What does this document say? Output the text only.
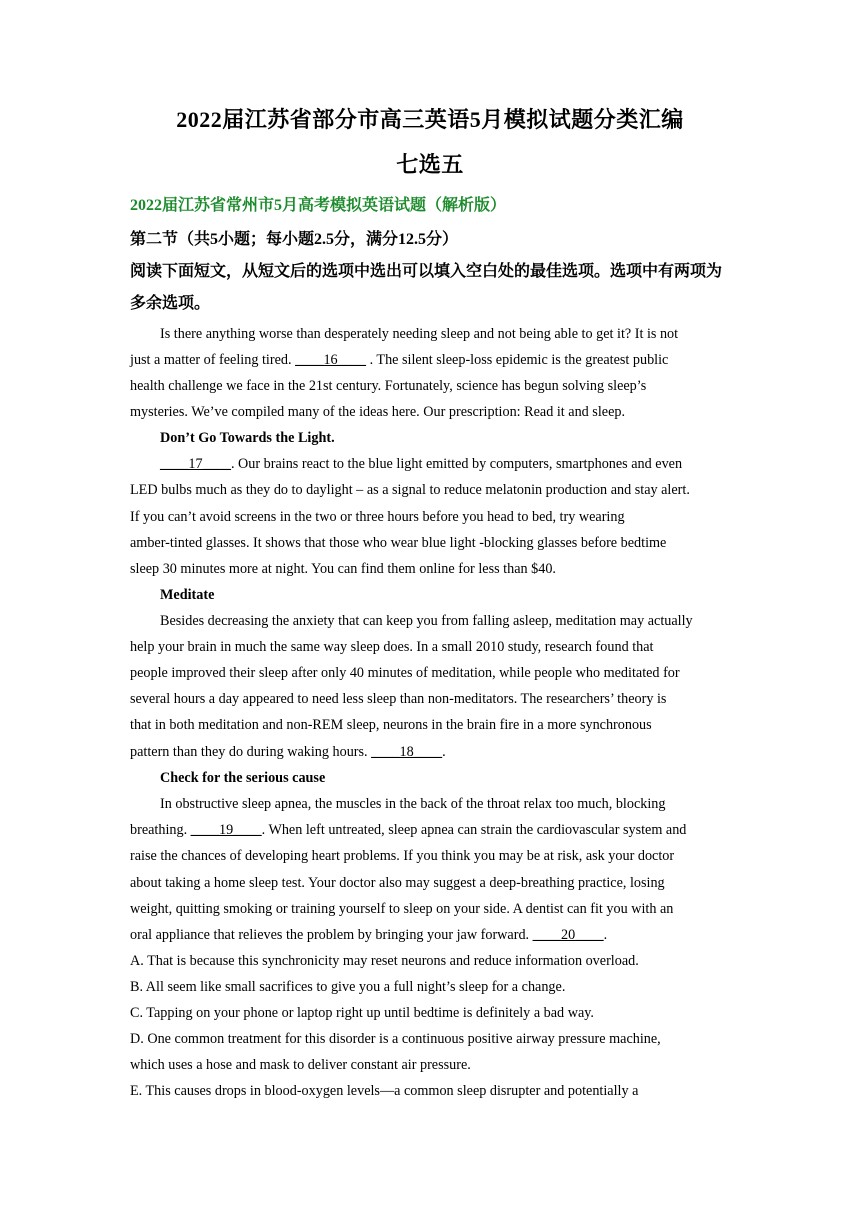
2022届江苏省部分市高三英语5月模拟试题分类汇编
七选五
2022届江苏省常州市5月高考模拟英语试题（解析版）
第二节（共5小题；每小题2.5分，满分12.5分）
阅读下面短文，从短文后的选项中选出可以填入空白处的最佳选项。选项中有两项为多余选项。
Is there anything worse than desperately needing sleep and not being able to get it? It is not
just a matter of feeling tired. ____16____ . The silent sleep-loss epidemic is the greatest public
health challenge we face in the 21st century. Fortunately, science has begun solving sleep’s
mysteries. We’ve compiled many of the ideas here. Our prescription: Read it and sleep.
Don’t Go Towards the Light.
____17____. Our brains react to the blue light emitted by computers, smartphones and even
LED bulbs much as they do to daylight – as a signal to reduce melatonin production and stay alert.
If you can’t avoid screens in the two or three hours before you head to bed, try wearing
amber-tinted glasses. It shows that those who wear blue light -blocking glasses before bedtime
sleep 30 minutes more at night. You can find them online for less than $40.
Meditate
Besides decreasing the anxiety that can keep you from falling asleep, meditation may actually
help your brain in much the same way sleep does. In a small 2010 study, research found that
people improved their sleep after only 40 minutes of meditation, while people who meditated for
several hours a day appeared to need less sleep than non-meditators. The researchers’ theory is
that in both meditation and non-REM sleep, neurons in the brain fire in a more synchronous
pattern than they do during waking hours. ____18____.
Check for the serious cause
In obstructive sleep apnea, the muscles in the back of the throat relax too much, blocking
breathing. ____19____. When left untreated, sleep apnea can strain the cardiovascular system and
raise the chances of developing heart problems. If you think you may be at risk, ask your doctor
about taking a home sleep test. Your doctor also may suggest a deep-breathing practice, losing
weight, quitting smoking or training yourself to sleep on your side. A dentist can fit you with an
oral appliance that relieves the problem by bringing your jaw forward. ____20____.
A. That is because this synchronicity may reset neurons and reduce information overload.
B. All seem like small sacrifices to give you a full night’s sleep for a change.
C. Tapping on your phone or laptop right up until bedtime is definitely a bad way.
D. One common treatment for this disorder is a continuous positive airway pressure machine,
which uses a hose and mask to deliver constant air pressure.
E. This causes drops in blood-oxygen levels—a common sleep disrupter and potentially a
